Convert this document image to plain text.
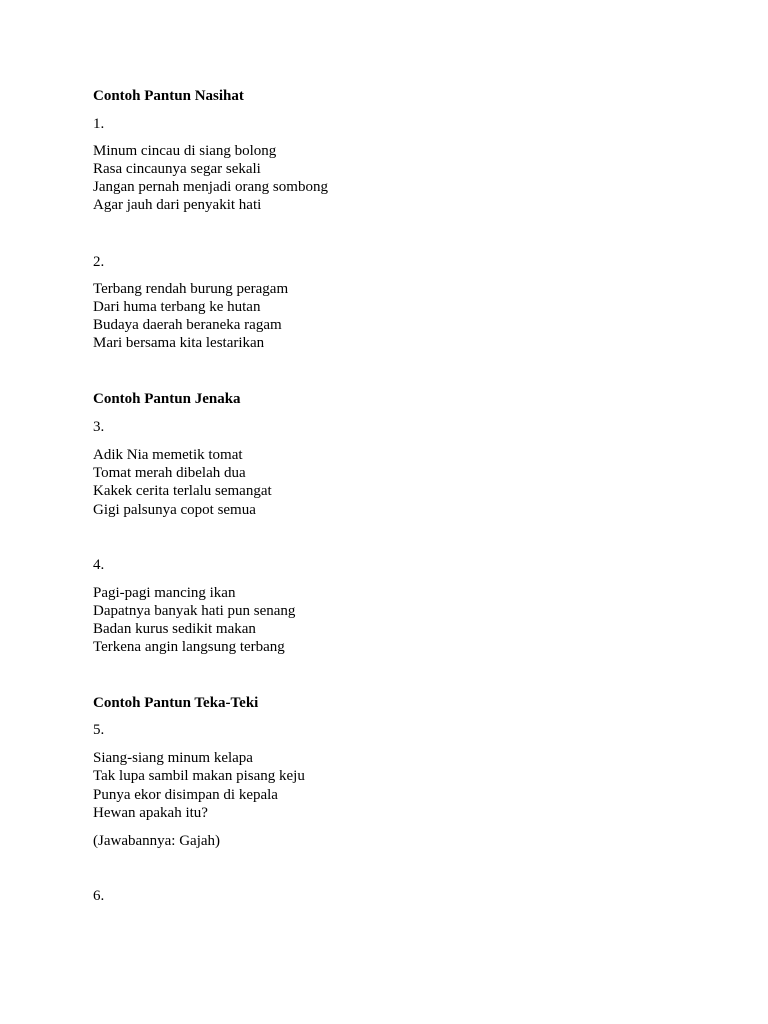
Contoh Pantun Nasihat
1.
Minum cincau di siang bolong
Rasa cincaunya segar sekali
Jangan pernah menjadi orang sombong
Agar jauh dari penyakit hati
2.
Terbang rendah burung peragam
Dari huma terbang ke hutan
Budaya daerah beraneka ragam
Mari bersama kita lestarikan
Contoh Pantun Jenaka
3.
Adik Nia memetik tomat
Tomat merah dibelah dua
Kakek cerita terlalu semangat
Gigi palsunya copot semua
4.
Pagi-pagi mancing ikan
Dapatnya banyak hati pun senang
Badan kurus sedikit makan
Terkena angin langsung terbang
Contoh Pantun Teka-Teki
5.
Siang-siang minum kelapa
Tak lupa sambil makan pisang keju
Punya ekor disimpan di kepala
Hewan apakah itu?
(Jawabannya: Gajah)
6.
